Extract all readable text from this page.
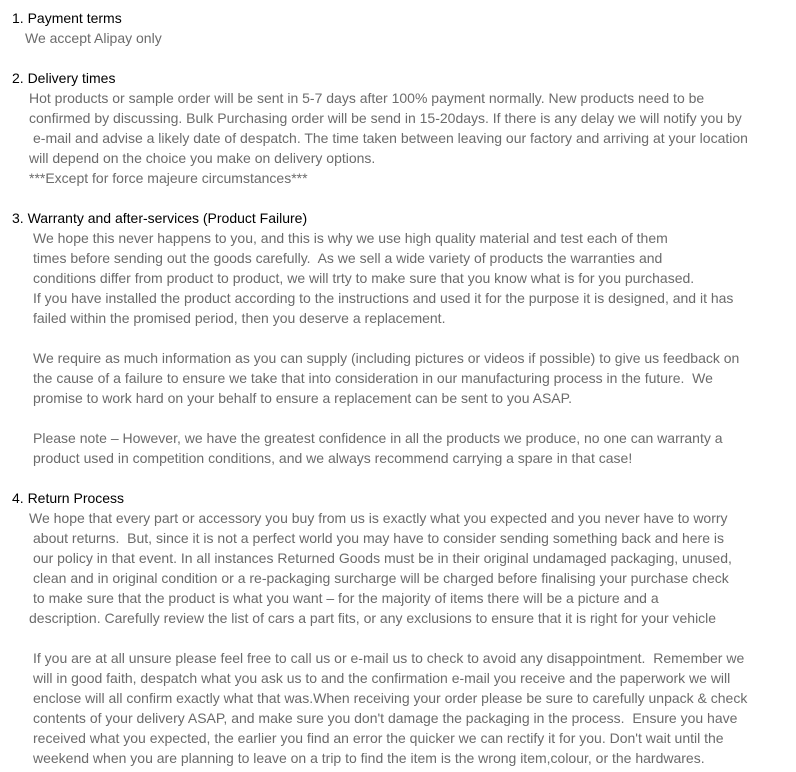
1. Payment terms
We accept Alipay only
2. Delivery times
Hot products or sample order will be sent in 5-7 days after 100% payment normally. New products need to be
confirmed by discussing. Bulk Purchasing order will be send in 15-20days. If there is any delay we will notify you by
e-mail and advise a likely date of despatch. The time taken between leaving our factory and arriving at your location
will depend on the choice you make on delivery options.
***Except for force majeure circumstances***
3. Warranty and after-services (Product Failure)
We hope this never happens to you, and this is why we use high quality material and test each of them
times before sending out the goods carefully.  As we sell a wide variety of products the warranties and
conditions differ from product to product, we will trty to make sure that you know what is for you purchased.
If you have installed the product according to the instructions and used it for the purpose it is designed, and it has
failed within the promised period, then you deserve a replacement.
We require as much information as you can supply (including pictures or videos if possible) to give us feedback on
the cause of a failure to ensure we take that into consideration in our manufacturing process in the future.  We
promise to work hard on your behalf to ensure a replacement can be sent to you ASAP.
Please note – However, we have the greatest confidence in all the products we produce, no one can warranty a
product used in competition conditions, and we always recommend carrying a spare in that case!
4. Return Process
We hope that every part or accessory you buy from us is exactly what you expected and you never have to worry
about returns.  But, since it is not a perfect world you may have to consider sending something back and here is
our policy in that event. In all instances Returned Goods must be in their original undamaged packaging, unused,
clean and in original condition or a re-packaging surcharge will be charged before finalising your purchase check
to make sure that the product is what you want – for the majority of items there will be a picture and a
description. Carefully review the list of cars a part fits, or any exclusions to ensure that it is right for your vehicle
If you are at all unsure please feel free to call us or e-mail us to check to avoid any disappointment.  Remember we
will in good faith, despatch what you ask us to and the confirmation e-mail you receive and the paperwork we will
enclose will all confirm exactly what that was.When receiving your order please be sure to carefully unpack & check
contents of your delivery ASAP, and make sure you don't damage the packaging in the process.  Ensure you have
received what you expected, the earlier you find an error the quicker we can rectify it for you. Don't wait until the
weekend when you are planning to leave on a trip to find the item is the wrong item,colour, or the hardwares.
